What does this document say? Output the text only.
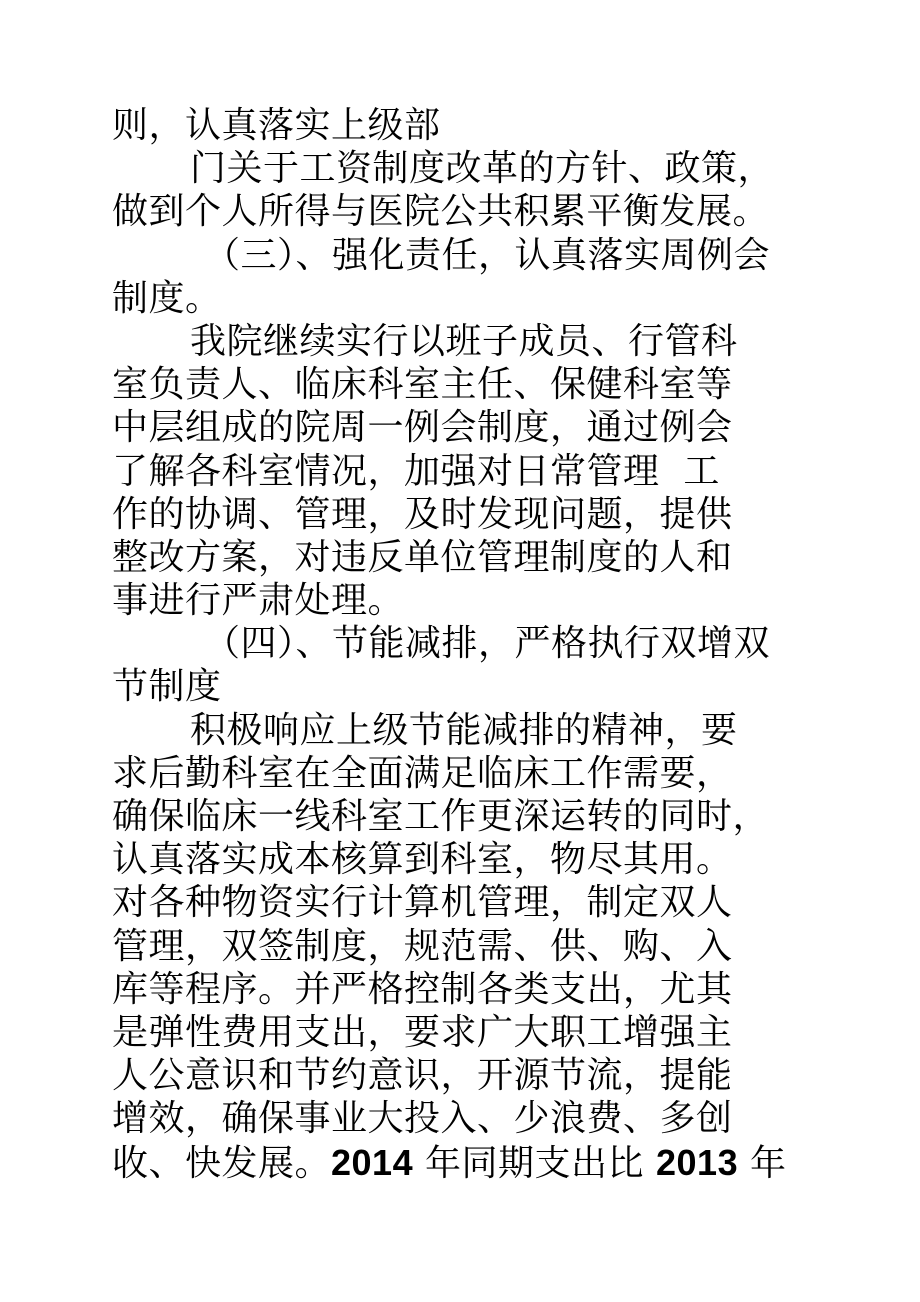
则，认真落实上级部
门关于工资制度改革的方针、政策，
做到个人所得与医院公共积累平衡发展。
（三）、强化责任，认真落实周例会
制度。
我院继续实行以班子成员、行管科
室负责人、临床科室主任、保健科室等
中层组成的院周一例会制度，通过例会
了解各科室情况，加强对日常管理  工
作的协调、管理，及时发现问题，提供
整改方案，对违反单位管理制度的人和
事进行严肃处理。
（四）、节能减排，严格执行双增双
节制度
积极响应上级节能减排的精神，要
求后勤科室在全面满足临床工作需要，
确保临床一线科室工作更深运转的同时，
认真落实成本核算到科室，物尽其用。
对各种物资实行计算机管理，制定双人
管理，双签制度，规范需、供、购、入
库等程序。并严格控制各类支出，尤其
是弹性费用支出，要求广大职工增强主
人公意识和节约意识，开源节流，提能
增效，确保事业大投入、少浪费、多创
收、快发展。2014 年同期支出比 2013 年
